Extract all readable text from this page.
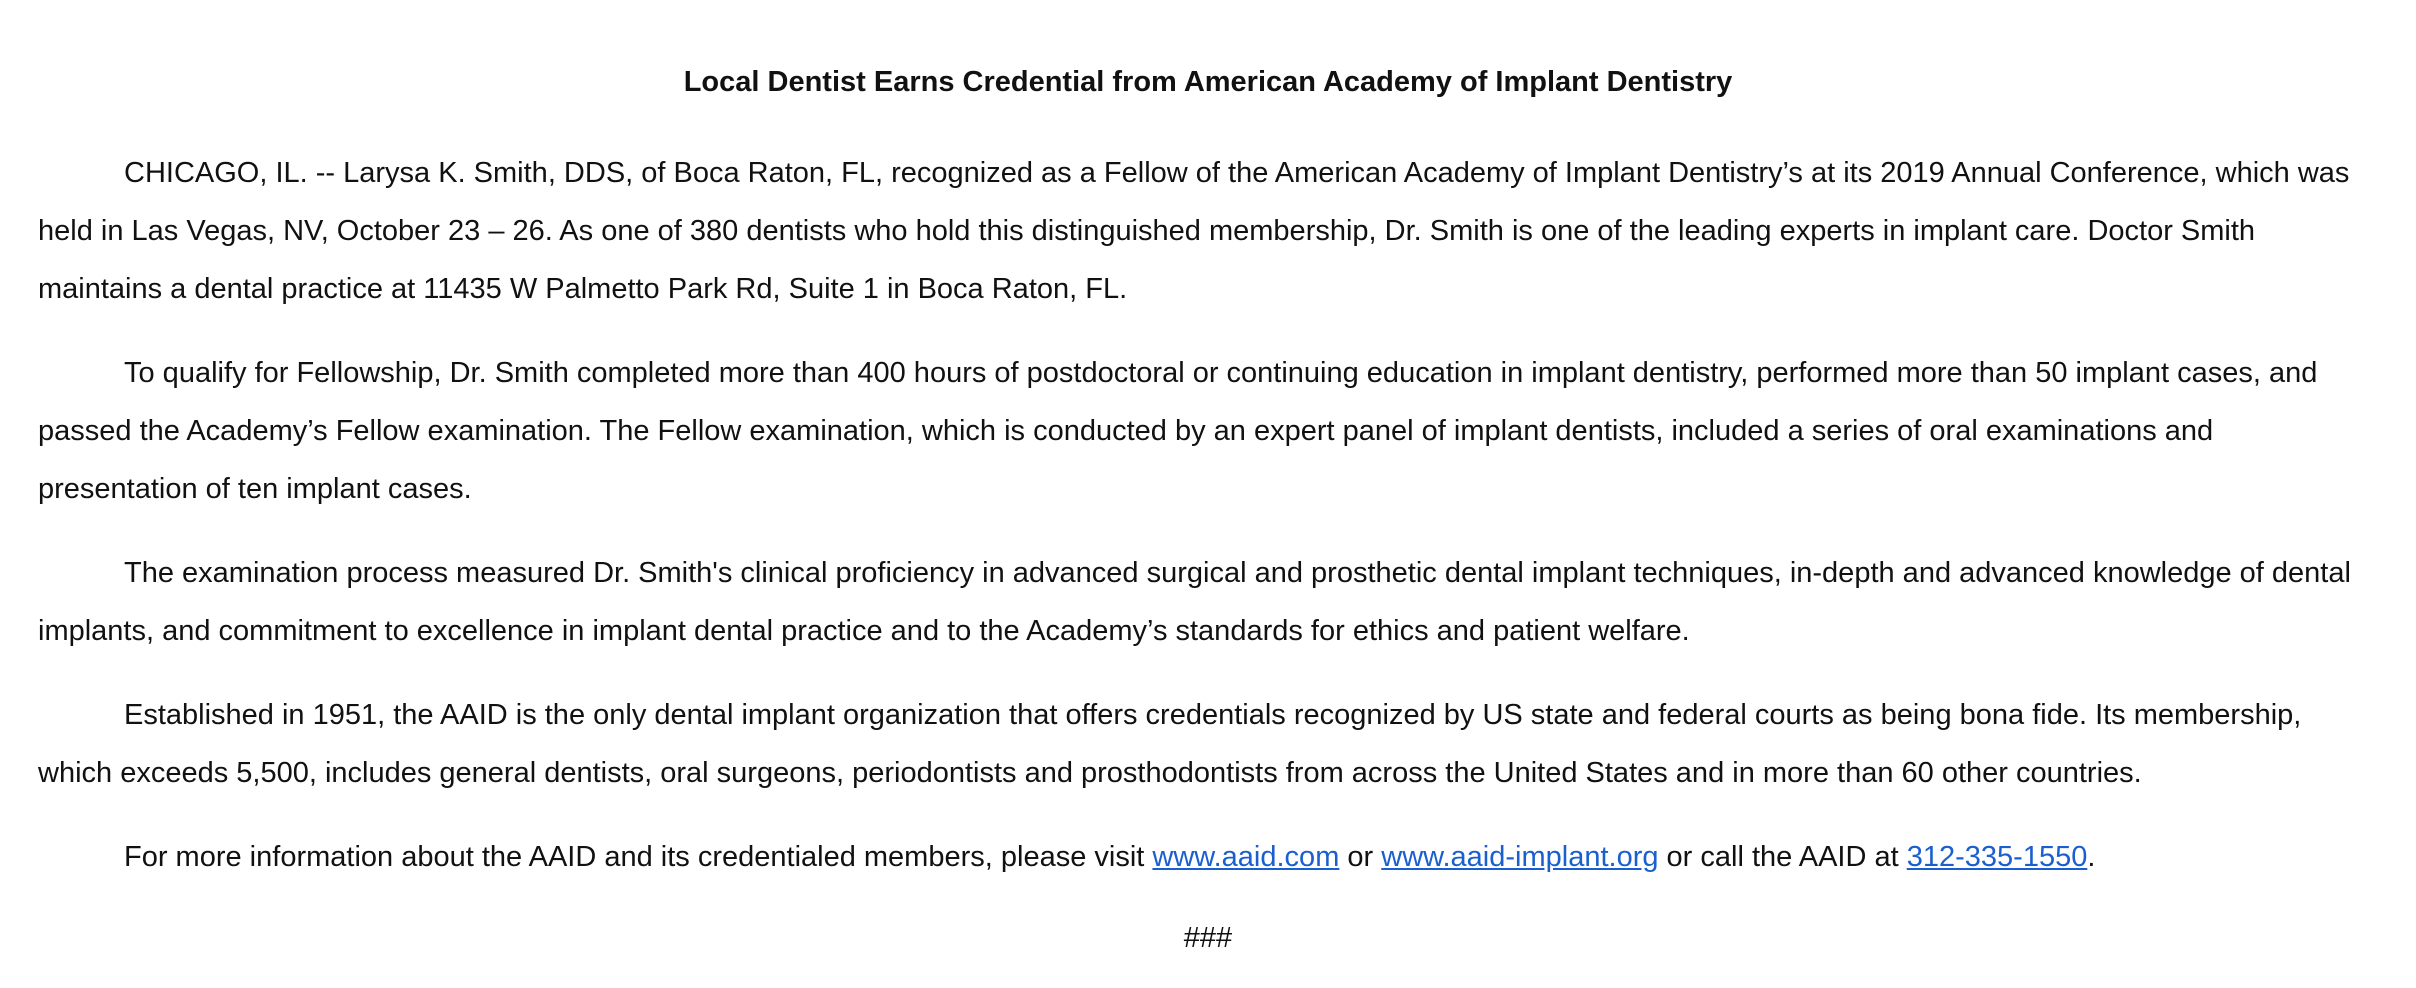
Local Dentist Earns Credential from American Academy of Implant Dentistry

CHICAGO, IL. -- Larysa K. Smith, DDS, of Boca Raton, FL, recognized as a Fellow of the American Academy of Implant Dentistry’s at its 2019 Annual Conference, which was held in Las Vegas, NV, October 23 – 26. As one of 380 dentists who hold this distinguished membership, Dr. Smith is one of the leading experts in implant care. Doctor Smith maintains a dental practice at 11435 W Palmetto Park Rd, Suite 1 in Boca Raton, FL.

To qualify for Fellowship, Dr. Smith completed more than 400 hours of postdoctoral or continuing education in implant dentistry, performed more than 50 implant cases, and passed the Academy’s Fellow examination. The Fellow examination, which is conducted by an expert panel of implant dentists, included a series of oral examinations and presentation of ten implant cases.

The examination process measured Dr. Smith's clinical proficiency in advanced surgical and prosthetic dental implant techniques, in-depth and advanced knowledge of dental implants, and commitment to excellence in implant dental practice and to the Academy’s standards for ethics and patient welfare.

Established in 1951, the AAID is the only dental implant organization that offers credentials recognized by US state and federal courts as being bona fide. Its membership, which exceeds 5,500, includes general dentists, oral surgeons, periodontists and prosthodontists from across the United States and in more than 60 other countries.

For more information about the AAID and its credentialed members, please visit www.aaid.com or www.aaid-implant.org or call the AAID at 312-335-1550.

###
